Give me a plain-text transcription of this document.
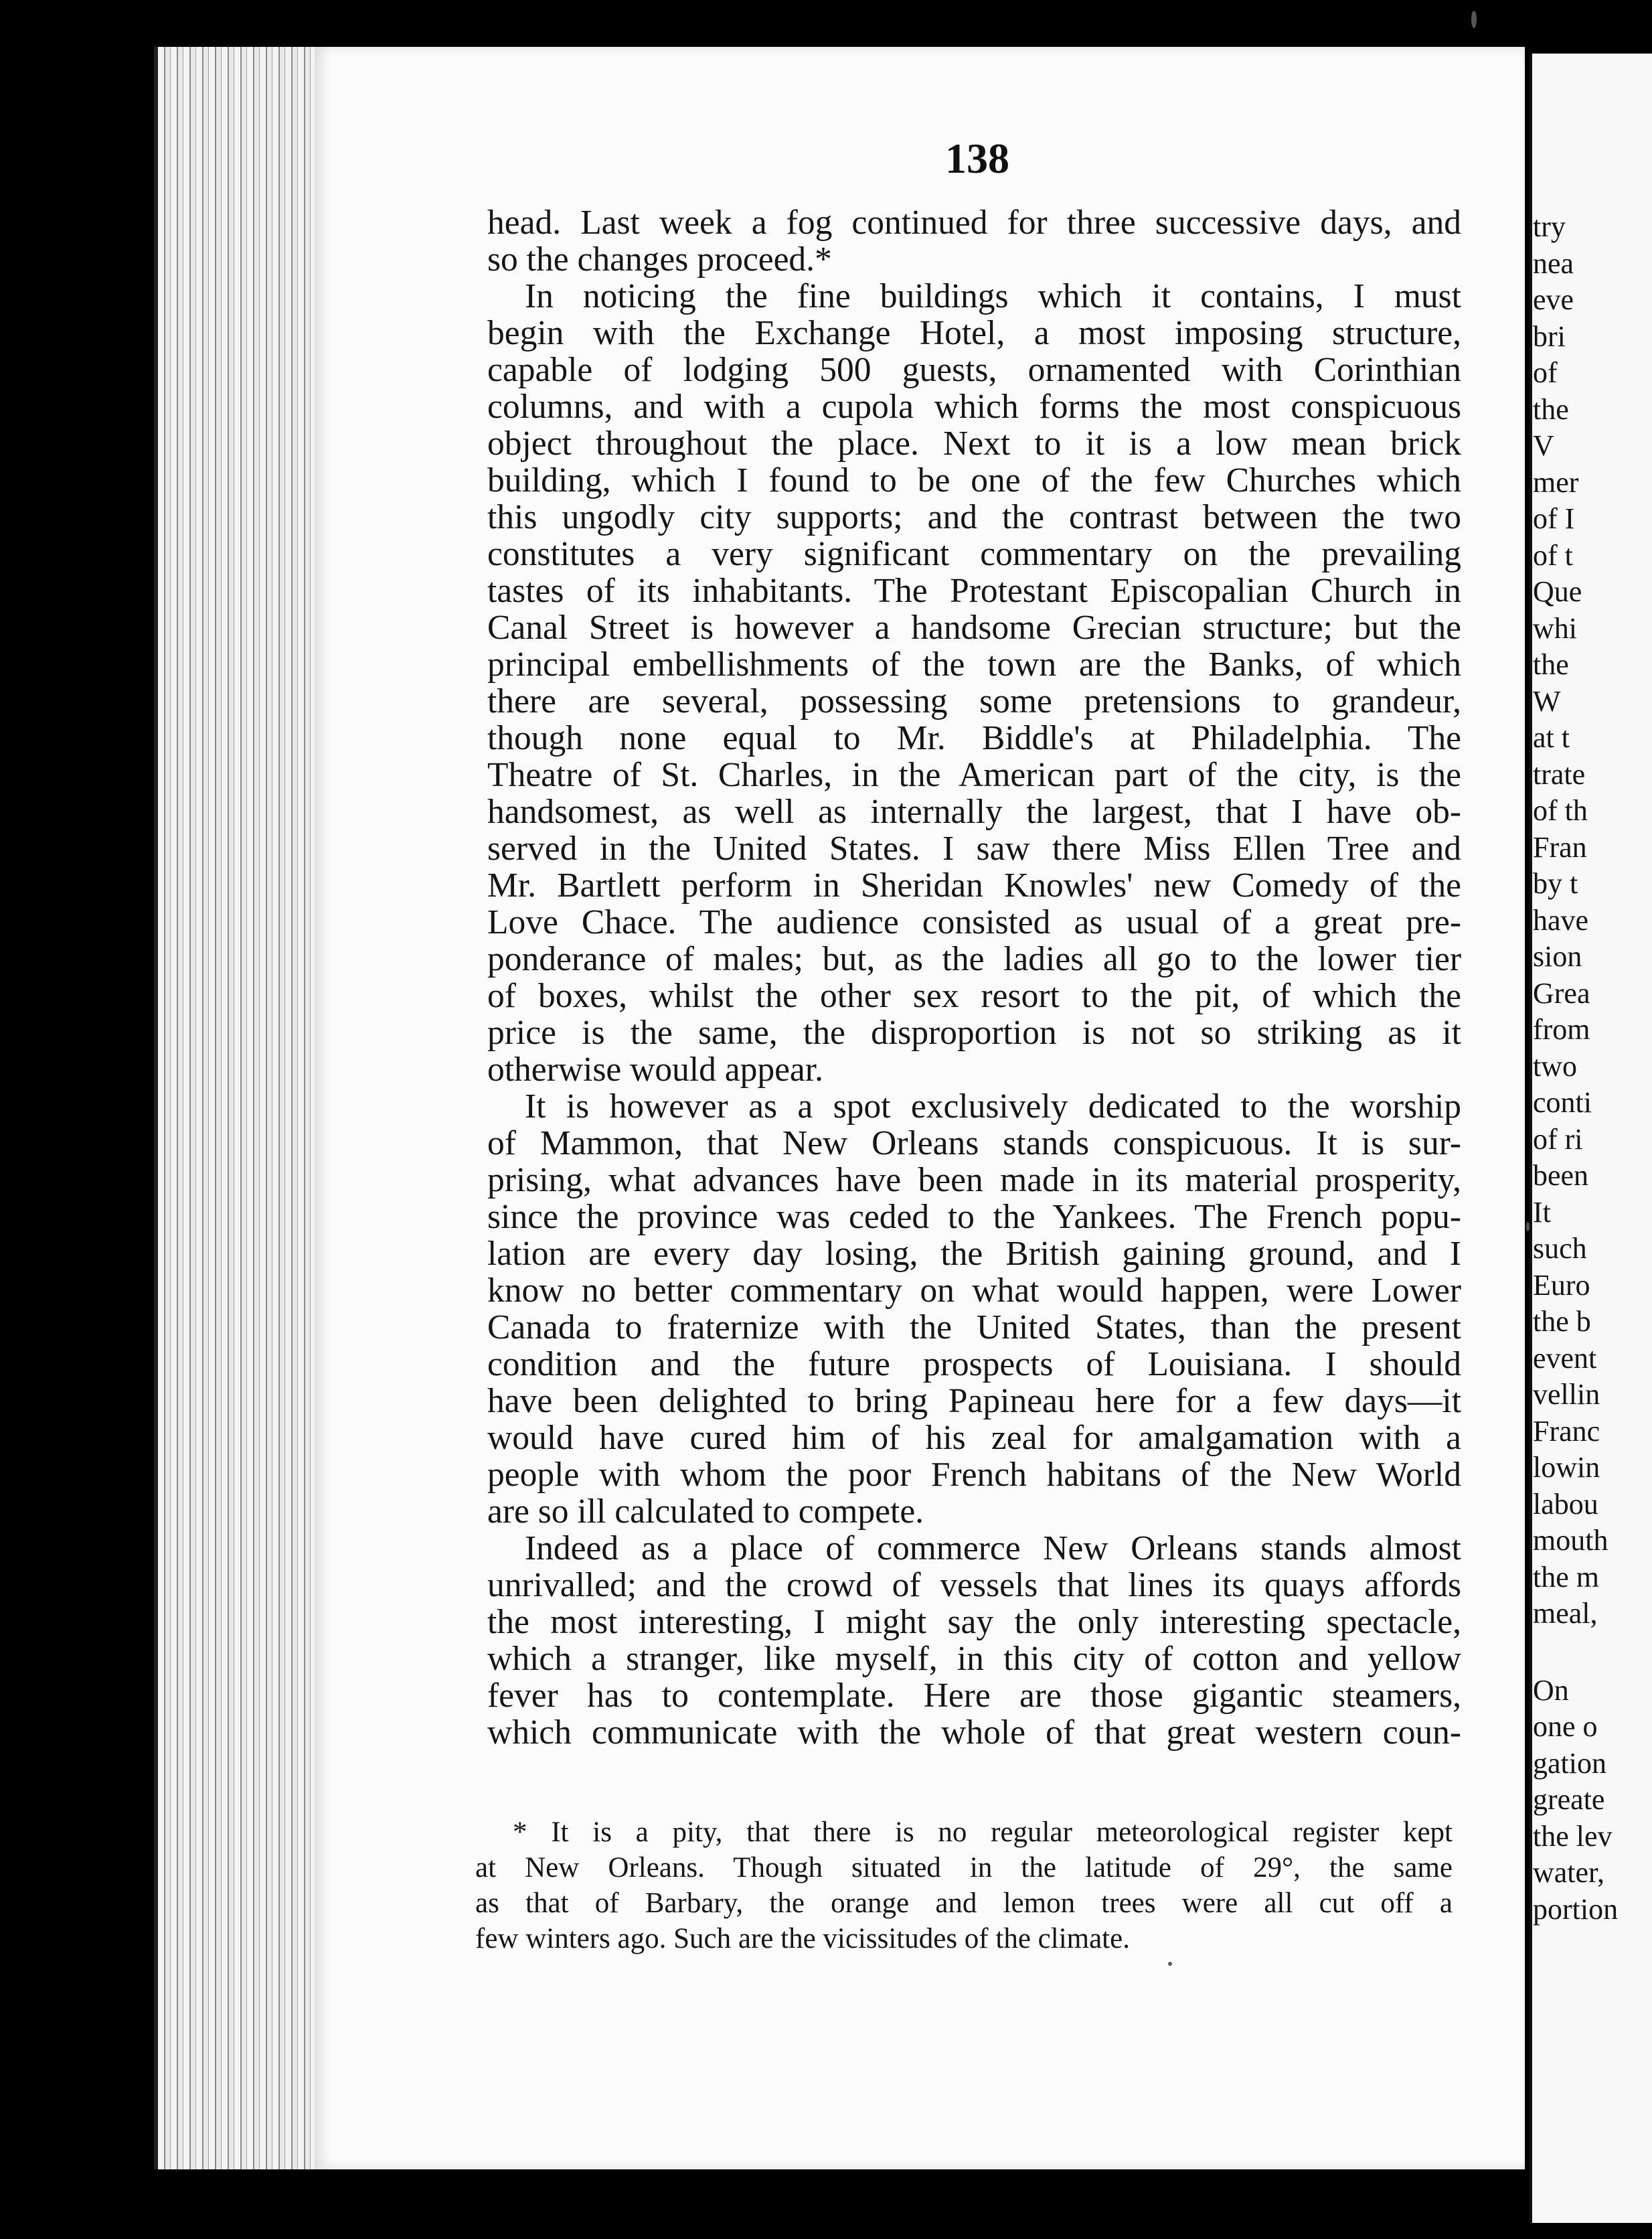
138
head. Last week a fog continued for three successive days, and
so the changes proceed.*
In noticing the fine buildings which it contains, I must
begin with the Exchange Hotel, a most imposing structure,
capable of lodging 500 guests, ornamented with Corinthian
columns, and with a cupola which forms the most conspicuous
object throughout the place. Next to it is a low mean brick
building, which I found to be one of the few Churches which
this ungodly city supports; and the contrast between the two
constitutes a very significant commentary on the prevailing
tastes of its inhabitants. The Protestant Episcopalian Church in
Canal Street is however a handsome Grecian structure; but the
principal embellishments of the town are the Banks, of which
there are several, possessing some pretensions to grandeur,
though none equal to Mr. Biddle's at Philadelphia. The
Theatre of St. Charles, in the American part of the city, is the
handsomest, as well as internally the largest, that I have ob-
served in the United States. I saw there Miss Ellen Tree and
Mr. Bartlett perform in Sheridan Knowles' new Comedy of the
Love Chace. The audience consisted as usual of a great pre-
ponderance of males; but, as the ladies all go to the lower tier
of boxes, whilst the other sex resort to the pit, of which the
price is the same, the disproportion is not so striking as it
otherwise would appear.
It is however as a spot exclusively dedicated to the worship
of Mammon, that New Orleans stands conspicuous. It is sur-
prising, what advances have been made in its material prosperity,
since the province was ceded to the Yankees. The French popu-
lation are every day losing, the British gaining ground, and I
know no better commentary on what would happen, were Lower
Canada to fraternize with the United States, than the present
condition and the future prospects of Louisiana. I should
have been delighted to bring Papineau here for a few days—it
would have cured him of his zeal for amalgamation with a
people with whom the poor French habitans of the New World
are so ill calculated to compete.
Indeed as a place of commerce New Orleans stands almost
unrivalled; and the crowd of vessels that lines its quays affords
the most interesting, I might say the only interesting spectacle,
which a stranger, like myself, in this city of cotton and yellow
fever has to contemplate. Here are those gigantic steamers,
which communicate with the whole of that great western coun-
* It is a pity, that there is no regular meteorological register kept
at New Orleans. Though situated in the latitude of 29°, the same
as that of Barbary, the orange and lemon trees were all cut off a
few winters ago. Such are the vicissitudes of the climate.
try
nea
eve
bri
of
the
V
mer
of I
of t
Que
whi
the
W
at t
trate
of th
Fran
by t
have
sion
Grea
from
two
conti
of ri
been
It
such
Euro
the b
event
vellin
Franc
lowin
labou
mouth
the m
meal,
On
one o
gation
greate
the lev
water,
portion
